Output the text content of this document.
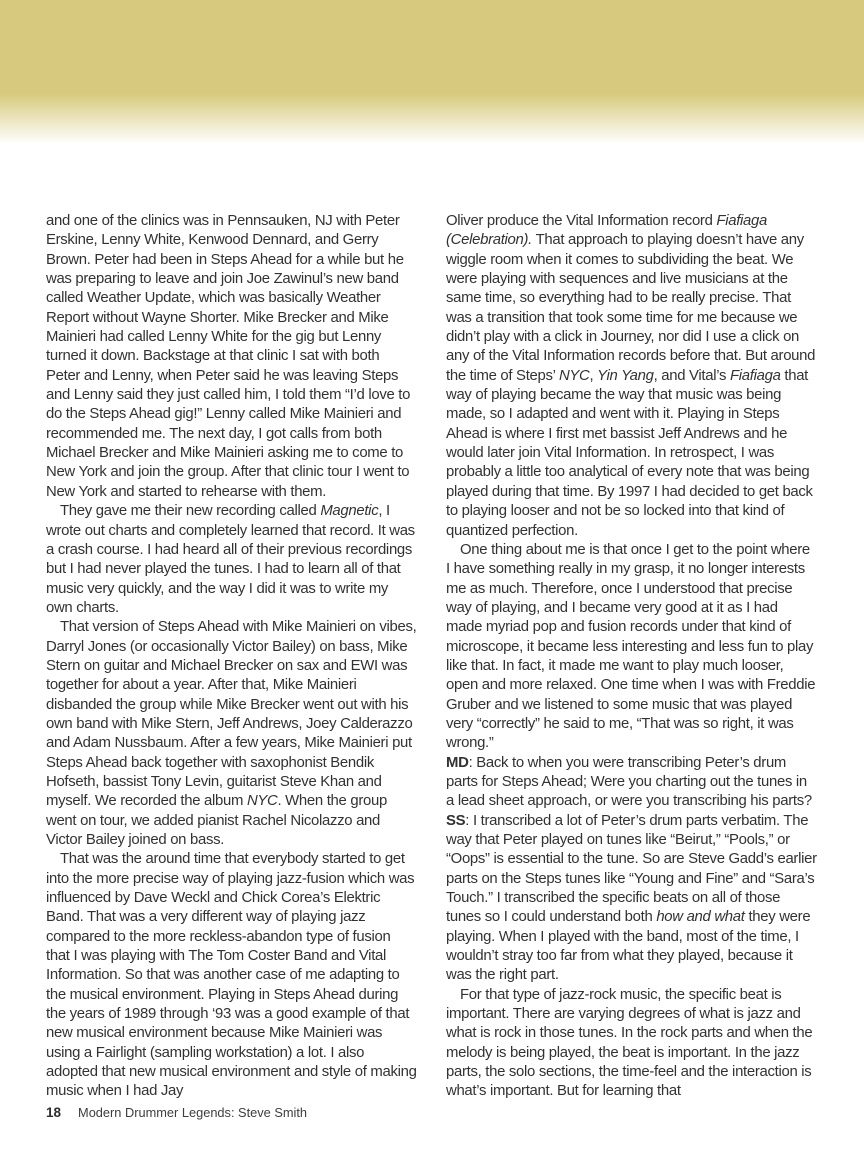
and one of the clinics was in Pennsauken, NJ with Peter Erskine, Lenny White, Kenwood Dennard, and Gerry Brown. Peter had been in Steps Ahead for a while but he was preparing to leave and join Joe Zawinul’s new band called Weather Update, which was basically Weather Report without Wayne Shorter. Mike Brecker and Mike Mainieri had called Lenny White for the gig but Lenny turned it down. Backstage at that clinic I sat with both Peter and Lenny, when Peter said he was leaving Steps and Lenny said they just called him, I told them “I’d love to do the Steps Ahead gig!” Lenny called Mike Mainieri and recommended me. The next day, I got calls from both Michael Brecker and Mike Mainieri asking me to come to New York and join the group. After that clinic tour I went to New York and started to rehearse with them.

They gave me their new recording called Magnetic, I wrote out charts and completely learned that record. It was a crash course. I had heard all of their previous recordings but I had never played the tunes. I had to learn all of that music very quickly, and the way I did it was to write my own charts.

That version of Steps Ahead with Mike Mainieri on vibes, Darryl Jones (or occasionally Victor Bailey) on bass, Mike Stern on guitar and Michael Brecker on sax and EWI was together for about a year. After that, Mike Mainieri disbanded the group while Mike Brecker went out with his own band with Mike Stern, Jeff Andrews, Joey Calderazzo and Adam Nussbaum. After a few years, Mike Mainieri put Steps Ahead back together with saxophonist Bendik Hofseth, bassist Tony Levin, guitarist Steve Khan and myself. We recorded the album NYC. When the group went on tour, we added pianist Rachel Nicolazzo and Victor Bailey joined on bass.

That was the around time that everybody started to get into the more precise way of playing jazz-fusion which was influenced by Dave Weckl and Chick Corea’s Elektric Band. That was a very different way of playing jazz compared to the more reckless-abandon type of fusion that I was playing with The Tom Coster Band and Vital Information. So that was another case of me adapting to the musical environment. Playing in Steps Ahead during the years of 1989 through ‘93 was a good example of that new musical environment because Mike Mainieri was using a Fairlight (sampling workstation) a lot. I also adopted that new musical environment and style of making music when I had Jay

Oliver produce the Vital Information record Fiafiaga (Celebration). That approach to playing doesn’t have any wiggle room when it comes to subdividing the beat. We were playing with sequences and live musicians at the same time, so everything had to be really precise. That was a transition that took some time for me because we didn’t play with a click in Journey, nor did I use a click on any of the Vital Information records before that. But around the time of Steps’ NYC, Yin Yang, and Vital’s Fiafiaga that way of playing became the way that music was being made, so I adapted and went with it. Playing in Steps Ahead is where I first met bassist Jeff Andrews and he would later join Vital Information. In retrospect, I was probably a little too analytical of every note that was being played during that time. By 1997 I had decided to get back to playing looser and not be so locked into that kind of quantized perfection.

One thing about me is that once I get to the point where I have something really in my grasp, it no longer interests me as much. Therefore, once I understood that precise way of playing, and I became very good at it as I had made myriad pop and fusion records under that kind of microscope, it became less interesting and less fun to play like that. In fact, it made me want to play much looser, open and more relaxed. One time when I was with Freddie Gruber and we listened to some music that was played very “correctly” he said to me, “That was so right, it was wrong.”

MD: Back to when you were transcribing Peter’s drum parts for Steps Ahead; Were you charting out the tunes in a lead sheet approach, or were you transcribing his parts?

SS: I transcribed a lot of Peter’s drum parts verbatim. The way that Peter played on tunes like “Beirut,” “Pools,” or “Oops” is essential to the tune. So are Steve Gadd’s earlier parts on the Steps tunes like “Young and Fine” and “Sara’s Touch.” I transcribed the specific beats on all of those tunes so I could understand both how and what they were playing. When I played with the band, most of the time, I wouldn’t stray too far from what they played, because it was the right part.

For that type of jazz-rock music, the specific beat is important. There are varying degrees of what is jazz and what is rock in those tunes. In the rock parts and when the melody is being played, the beat is important. In the jazz parts, the solo sections, the time-feel and the interaction is what’s important. But for learning that

18 Modern Drummer Legends: Steve Smith
